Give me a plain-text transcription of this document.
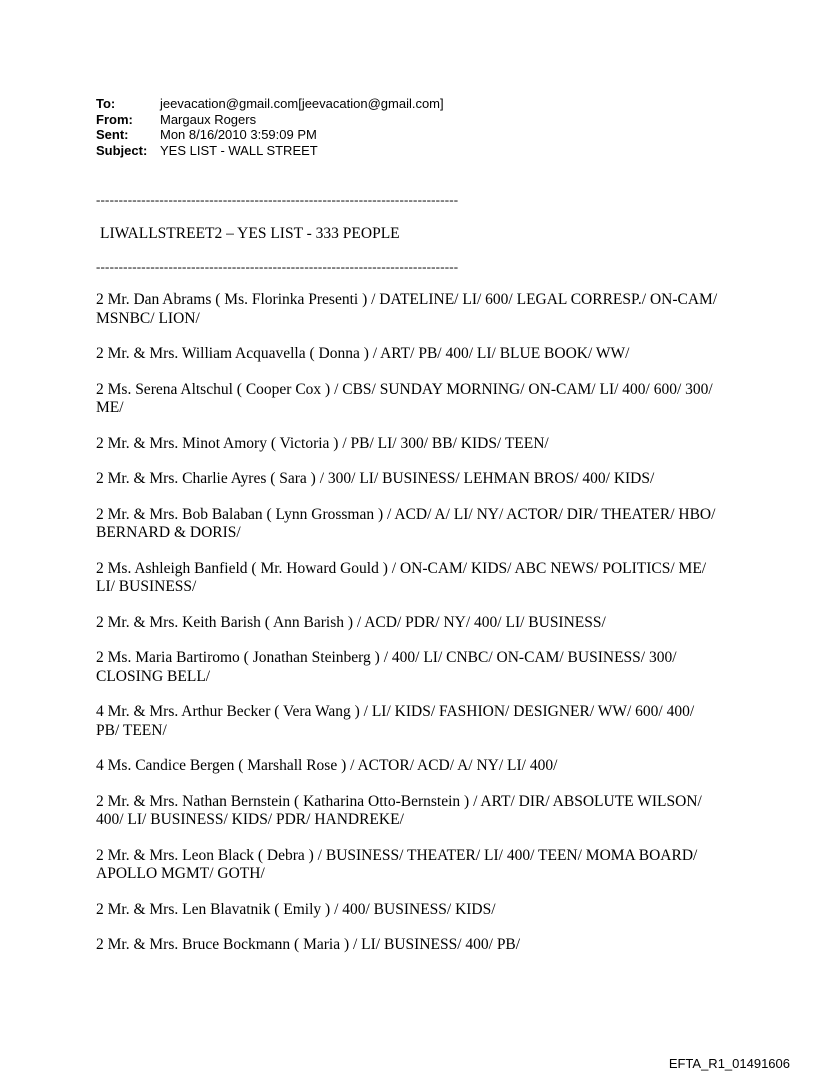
To:	jeevacation@gmail.com[jeevacation@gmail.com]
From:	Margaux Rogers
Sent:	Mon 8/16/2010 3:59:09 PM
Subject: YES LIST - WALL STREET
--------------------------------------------------------------------------------
LIWALLSTREET2 – YES LIST - 333 PEOPLE
--------------------------------------------------------------------------------

2 Mr. Dan Abrams ( Ms. Florinka Presenti ) / DATELINE/ LI/ 600/ LEGAL CORRESP./ ON-CAM/ MSNBC/ LION/

2 Mr. & Mrs. William Acquavella ( Donna ) / ART/ PB/ 400/ LI/ BLUE BOOK/ WW/

2 Ms. Serena Altschul ( Cooper Cox ) / CBS/ SUNDAY MORNING/ ON-CAM/ LI/ 400/ 600/ 300/ ME/

2 Mr. & Mrs. Minot Amory ( Victoria ) / PB/ LI/ 300/ BB/ KIDS/ TEEN/

2 Mr. & Mrs. Charlie Ayres ( Sara ) / 300/ LI/ BUSINESS/ LEHMAN BROS/ 400/ KIDS/

2 Mr. & Mrs. Bob Balaban ( Lynn Grossman ) / ACD/ A/ LI/ NY/ ACTOR/ DIR/ THEATER/ HBO/ BERNARD & DORIS/

2 Ms. Ashleigh Banfield ( Mr. Howard Gould ) / ON-CAM/ KIDS/ ABC NEWS/ POLITICS/ ME/ LI/ BUSINESS/

2 Mr. & Mrs. Keith Barish ( Ann Barish ) / ACD/ PDR/ NY/ 400/ LI/ BUSINESS/

2 Ms. Maria Bartiromo ( Jonathan Steinberg ) / 400/ LI/ CNBC/ ON-CAM/ BUSINESS/ 300/ CLOSING BELL/

4 Mr. & Mrs. Arthur Becker ( Vera Wang ) / LI/ KIDS/ FASHION/ DESIGNER/ WW/ 600/ 400/ PB/ TEEN/

4 Ms. Candice Bergen ( Marshall Rose ) / ACTOR/ ACD/ A/ NY/ LI/ 400/

2 Mr. & Mrs. Nathan Bernstein ( Katharina Otto-Bernstein ) / ART/ DIR/ ABSOLUTE WILSON/ 400/ LI/ BUSINESS/ KIDS/ PDR/ HANDREKE/

2 Mr. & Mrs. Leon Black ( Debra ) / BUSINESS/ THEATER/ LI/ 400/ TEEN/ MOMA BOARD/ APOLLO MGMT/ GOTH/

2 Mr. & Mrs. Len Blavatnik ( Emily ) / 400/ BUSINESS/ KIDS/

2 Mr. & Mrs. Bruce Bockmann ( Maria ) / LI/ BUSINESS/ 400/ PB/

EFTA_R1_01491606
